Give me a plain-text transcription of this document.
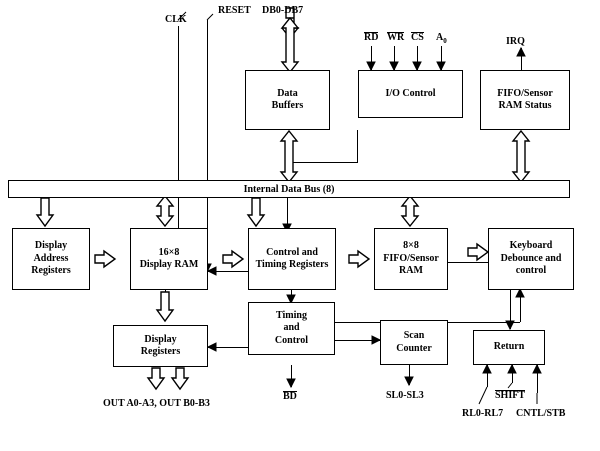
Data
Buffers
I/O Control	FIFO/Sensor
RAM Status
Internal Data Bus (8)
Display
Address
Registers
16×8
Display RAM
Control and
Timing Registers
8×8
FIFO/Sensor
RAM
Keyboard
Debounce and
control
Display
Registers
Timing
and
Control	Scan
Counter	Return
CLK
RESET DB0-DB7
RD WR CS $A_0$	IRQ
BD
OUT A0-A3, OUT B0-B3
SL0-SL3
RL0-RL7
SHIFT
CNTL/STB
